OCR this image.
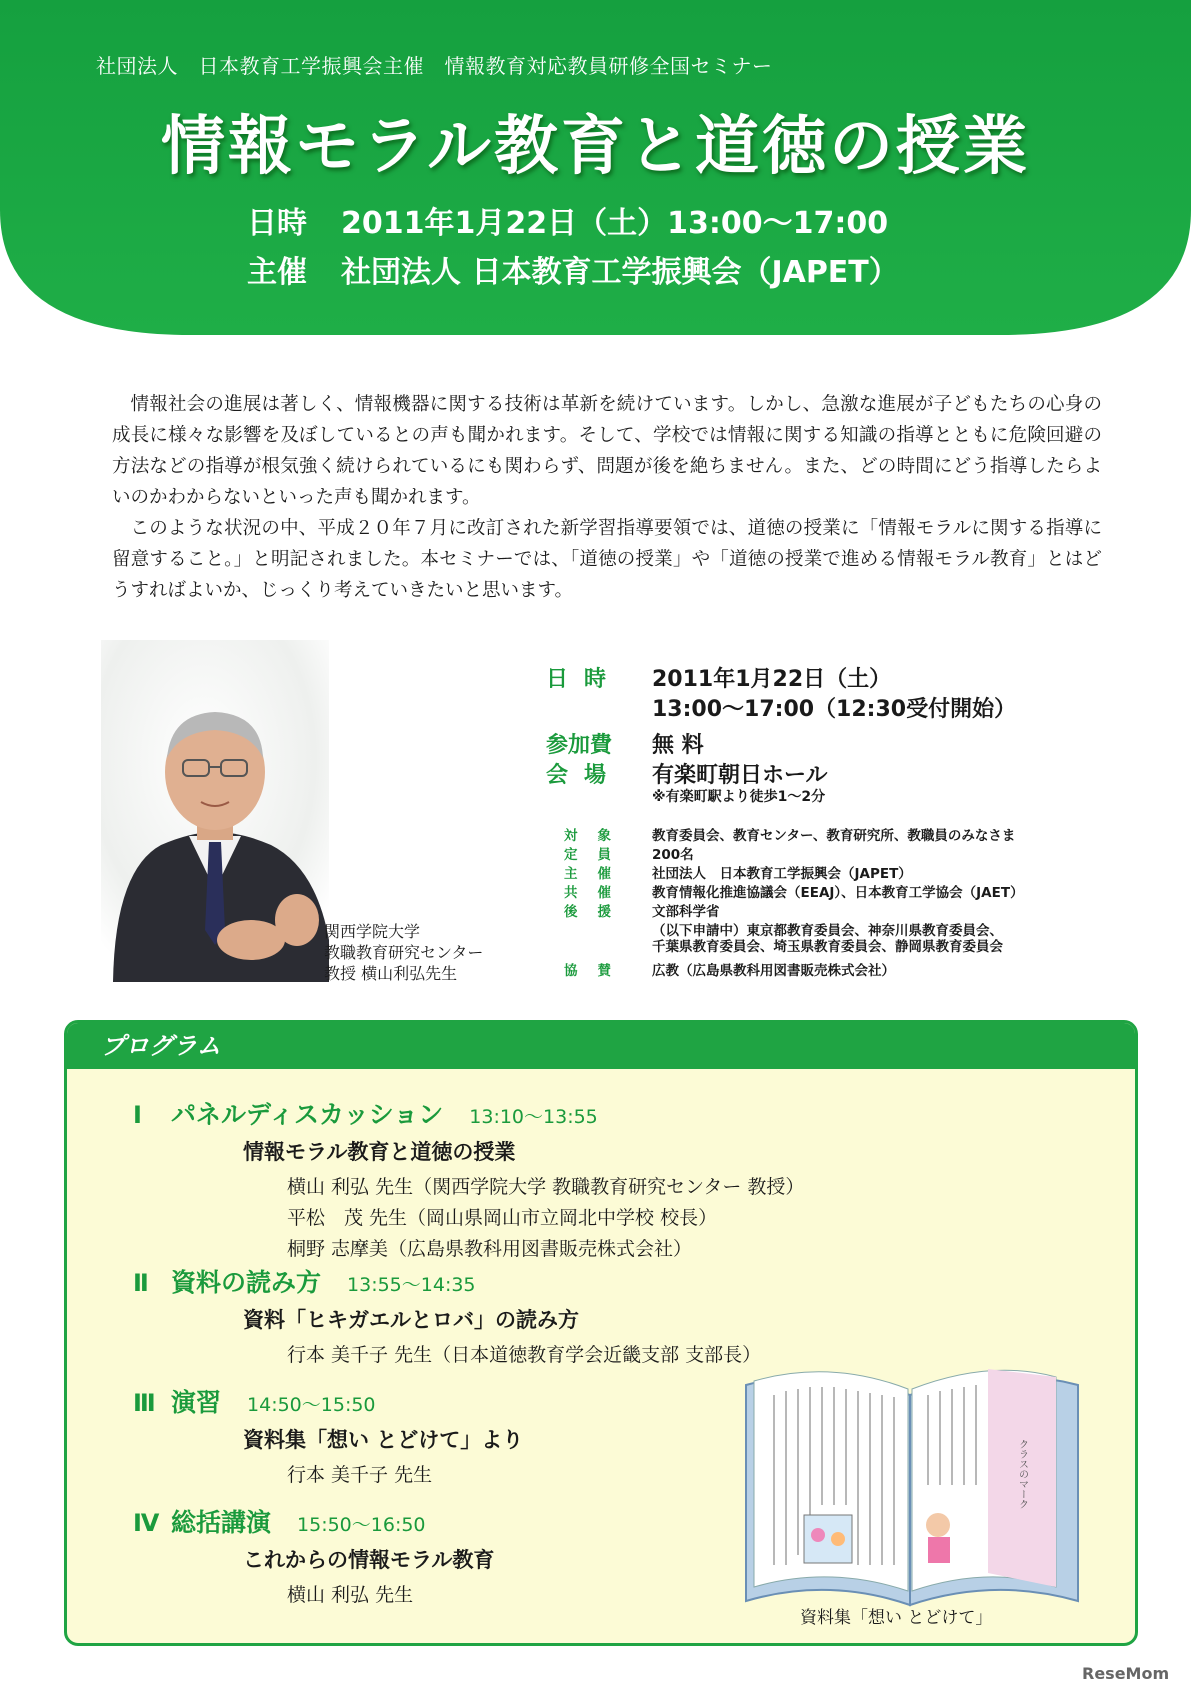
社団法人　日本教育工学振興会主催　情報教育対応教員研修全国セミナー
情報モラル教育と道徳の授業
日時 2011年1月22日（土）13:00〜17:00
主催 社団法人 日本教育工学振興会（JAPET）

情報社会の進展は著しく、情報機器に関する技術は革新を続けています。しかし、急激な進展が子どもたちの心身の成長に様々な影響を及ぼしているとの声も聞かれます。そして、学校では情報に関する知識の指導とともに危険回避の方法などの指導が根気強く続けられているにも関わらず、問題が後を絶ちません。また、どの時間にどう指導したらよいのかわからないといった声も聞かれます。

このような状況の中、平成２０年７月に改訂された新学習指導要領では、道徳の授業に「情報モラルに関する指導に留意すること。」と明記されました。本セミナーでは、「道徳の授業」や「道徳の授業で進める情報モラル教育」とはどうすればよいか、じっくり考えていきたいと思います。

関西学院大学
教職教育研究センター
教授 横山利弘先生
日時 2011年1月22日（土）
13:00〜17:00（12:30受付開始）
参加費 無 料
会場 有楽町朝日ホール
※有楽町駅より徒歩1〜2分
対象 教育委員会、教育センター、教育研究所、教職員のみなさま
定員 200名
主催 社団法人　日本教育工学振興会（JAPET）
共催 教育情報化推進協議会（EEAJ）、日本教育工学協会（JAET）
後援 文部科学省
（以下申請中）東京都教育委員会、神奈川県教育委員会、
千葉県教育委員会、埼玉県教育委員会、静岡県教育委員会
協賛 広教（広島県教科用図書販売株式会社）
プログラム
Ⅰ パネルディスカッション 13:10〜13:55
情報モラル教育と道徳の授業
横山 利弘 先生（関西学院大学 教職教育研究センター 教授）
平松　茂 先生（岡山県岡山市立岡北中学校 校長）
桐野 志摩美（広島県教科用図書販売株式会社）
Ⅱ 資料の読み方 13:55〜14:35
資料「ヒキガエルとロバ」の読み方
行本 美千子 先生（日本道徳教育学会近畿支部 支部長）
Ⅲ 演習 14:50〜15:50
資料集「想い とどけて」より
行本 美千子 先生
Ⅳ 総括講演 15:50〜16:50
これからの情報モラル教育
横山 利弘 先生
クラスのマーク
資料集「想い とどけて」
ReseMom
